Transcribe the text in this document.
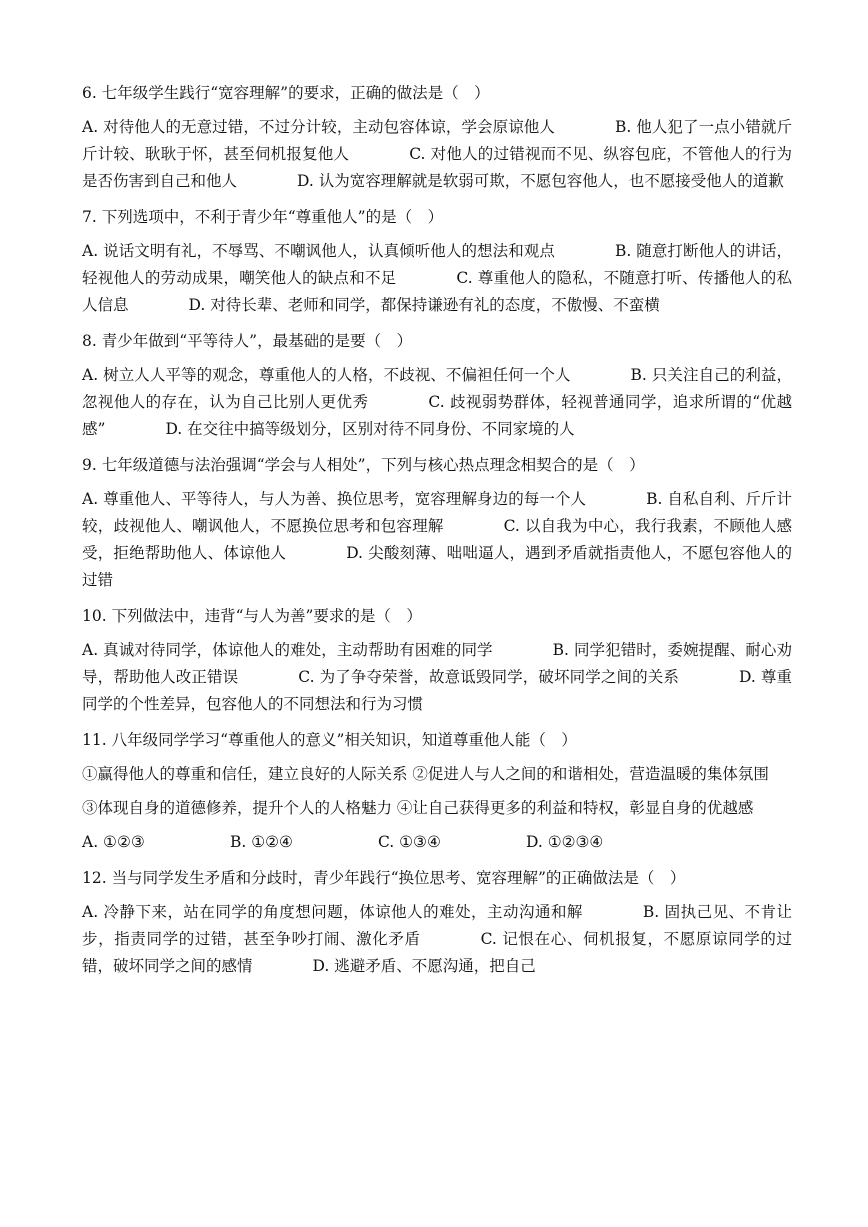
6. 七年级学生践行“宽容理解”的要求，正确的做法是（　）

A. 对待他人的无意过错，不过分计较，主动包容体谅，学会原谅他人	B. 他人犯了一点小错就斤斤计较、耿耿于怀，甚至伺机报复他人	C. 对他人的过错视而不见、纵容包庇，不管他人的行为是否伤害到自己和他人	D. 认为宽容理解就是软弱可欺，不愿包容他人，也不愿接受他人的道歉

7. 下列选项中，不利于青少年“尊重他人”的是（　）

A. 说话文明有礼，不辱骂、不嘲讽他人，认真倾听他人的想法和观点	B. 随意打断他人的讲话，轻视他人的劳动成果，嘲笑他人的缺点和不足	C. 尊重他人的隐私，不随意打听、传播他人的私人信息	D. 对待长辈、老师和同学，都保持谦逊有礼的态度，不傲慢、不蛮横

8. 青少年做到“平等待人”，最基础的是要（　）

A. 树立人人平等的观念，尊重他人的人格，不歧视、不偏袒任何一个人	B. 只关注自己的利益，忽视他人的存在，认为自己比别人更优秀	C. 歧视弱势群体，轻视普通同学，追求所谓的“优越感”	D. 在交往中搞等级划分，区别对待不同身份、不同家境的人

9. 七年级道德与法治强调“学会与人相处”，下列与核心热点理念相契合的是（　）

A. 尊重他人、平等待人，与人为善、换位思考，宽容理解身边的每一个人	B. 自私自利、斤斤计较，歧视他人、嘲讽他人，不愿换位思考和包容理解	C. 以自我为中心，我行我素，不顾他人感受，拒绝帮助他人、体谅他人	D. 尖酸刻薄、咄咄逼人，遇到矛盾就指责他人，不愿包容他人的过错

10. 下列做法中，违背“与人为善”要求的是（　）

A. 真诚对待同学，体谅他人的难处，主动帮助有困难的同学	B. 同学犯错时，委婉提醒、耐心劝导，帮助他人改正错误	C. 为了争夺荣誉，故意诋毁同学，破坏同学之间的关系	D. 尊重同学的个性差异，包容他人的不同想法和行为习惯

11. 八年级同学学习“尊重他人的意义”相关知识，知道尊重他人能（　）

①赢得他人的尊重和信任，建立良好的人际关系 ②促进人与人之间的和谐相处，营造温暖的集体氛围

③体现自身的道德修养，提升个人的人格魅力 ④让自己获得更多的利益和特权，彰显自身的优越感

A. ①②③	B. ①②④	C. ①③④	D. ①②③④

12. 当与同学发生矛盾和分歧时，青少年践行“换位思考、宽容理解”的正确做法是（　）

A. 冷静下来，站在同学的角度想问题，体谅他人的难处，主动沟通和解	B. 固执己见、不肯让步，指责同学的过错，甚至争吵打闹、激化矛盾	C. 记恨在心、伺机报复，不愿原谅同学的过错，破坏同学之间的感情	D. 逃避矛盾、不愿沟通，把自己
